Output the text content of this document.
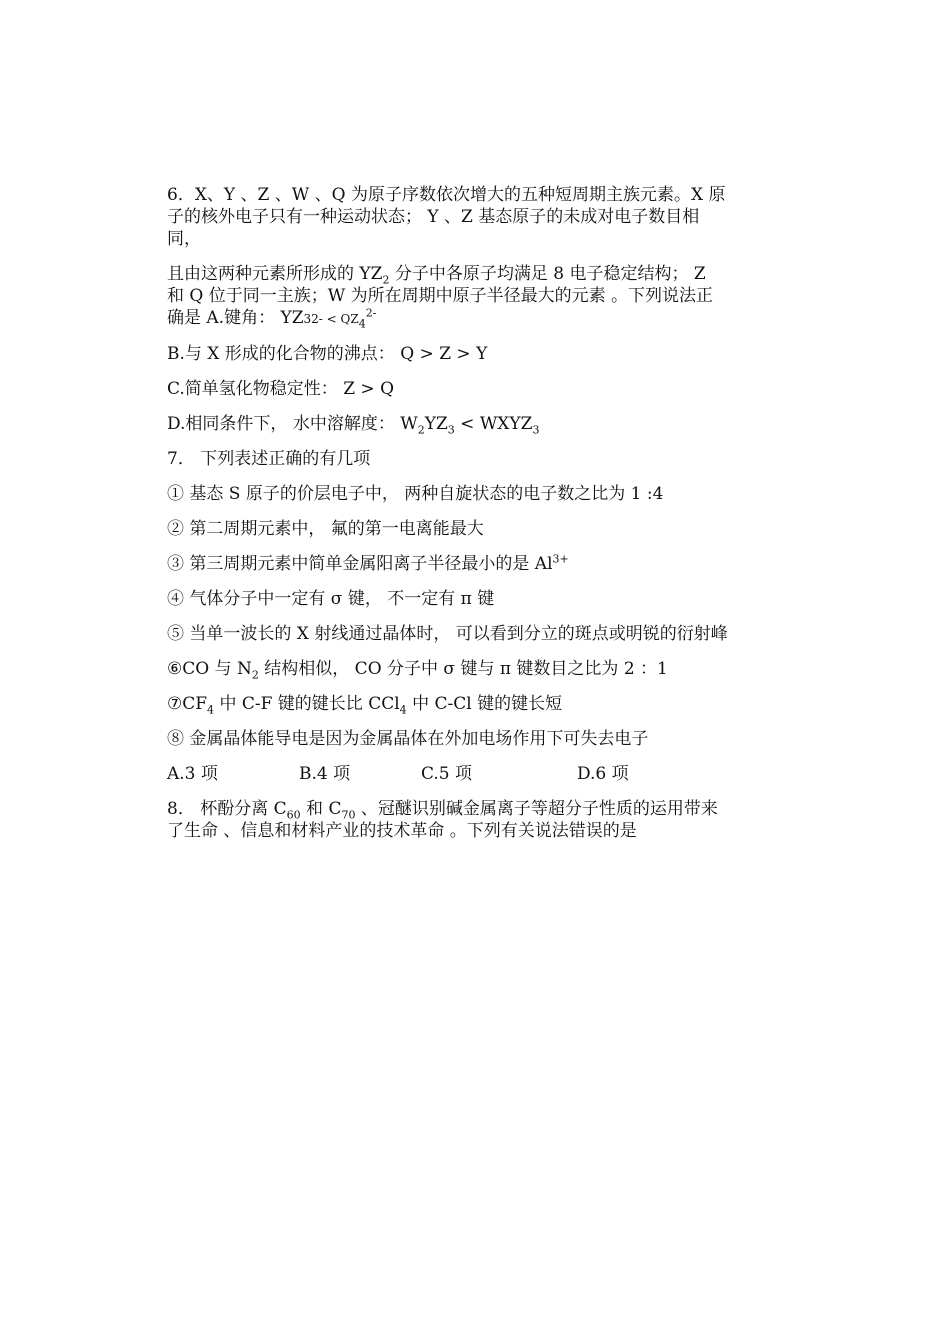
6．X、Y 、Z 、W 、Q 为原子序数依次增大的五种短周期主族元素。X 原
子的核外电子只有一种运动状态； Y 、Z 基态原子的未成对电子数目相
同，
且由这两种元素所形成的 $YZ_2$ 分子中各原子均满足 8 电子稳定结构； Z
和 Q 位于同一主族；W 为所在周期中原子半径最大的元素 。下列说法正
确是 A.键角： $YZ32- < QZ_4^{2-}$
B.与 X 形成的化合物的沸点： Q > Z > Y
C.简单氢化物稳定性： Z > Q
D.相同条件下， 水中溶解度： $W_2YZ_3$ < $WXYZ_3$
7． 下列表述正确的有几项
① 基态 S 原子的价层电子中， 两种自旋状态的电子数之比为 1 :4
② 第二周期元素中， 氟的第一电离能最大
③ 第三周期元素中简单金属阳离子半径最小的是 $Al^{3+}$
④ 气体分子中一定有 σ 键， 不一定有 π 键
⑤ 当单一波长的 X 射线通过晶体时， 可以看到分立的斑点或明锐的衍射峰
⑥CO 与 $N_2$ 结构相似， CO 分子中 σ 键与 π 键数目之比为 2 ：1
$⑦CF_4$ 中 C-F 键的键长比 CCl$_4$ 中 C-Cl 键的键长短
⑧ 金属晶体能导电是因为金属晶体在外加电场作用下可失去电子
A.3 项	B.4 项	C.5 项	D.6 项
8． 杯酚分离 $C_{60}$ 和 $C_{70}$ 、冠醚识别碱金属离子等超分子性质的运用带来
了生命 、信息和材料产业的技术革命 。下列有关说法错误的是
